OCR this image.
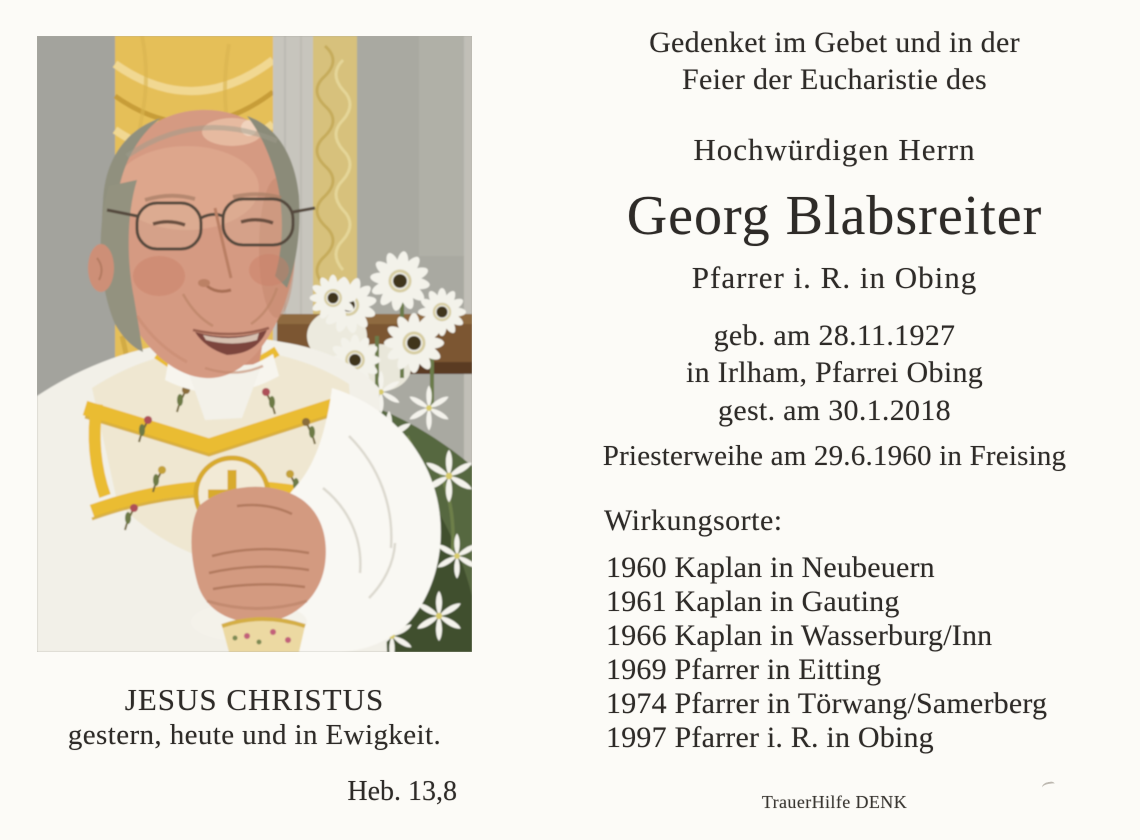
JESUS CHRISTUS
gestern, heute und in Ewigkeit.
Heb. 13,8
Gedenket im Gebet und in der
Feier der Eucharistie des
Hochwürdigen Herrn
Georg Blabsreiter
Pfarrer i. R. in Obing
geb. am 28.11.1927
in Irlham, Pfarrei Obing
gest. am 30.1.2018
Priesterweihe am 29.6.1960 in Freising
Wirkungsorte:
1960 Kaplan in Neubeuern
1961 Kaplan in Gauting
1966 Kaplan in Wasserburg/Inn
1969 Pfarrer in Eitting
1974 Pfarrer in Törwang/Samerberg
1997 Pfarrer i. R. in Obing
TrauerHilfe DENK
